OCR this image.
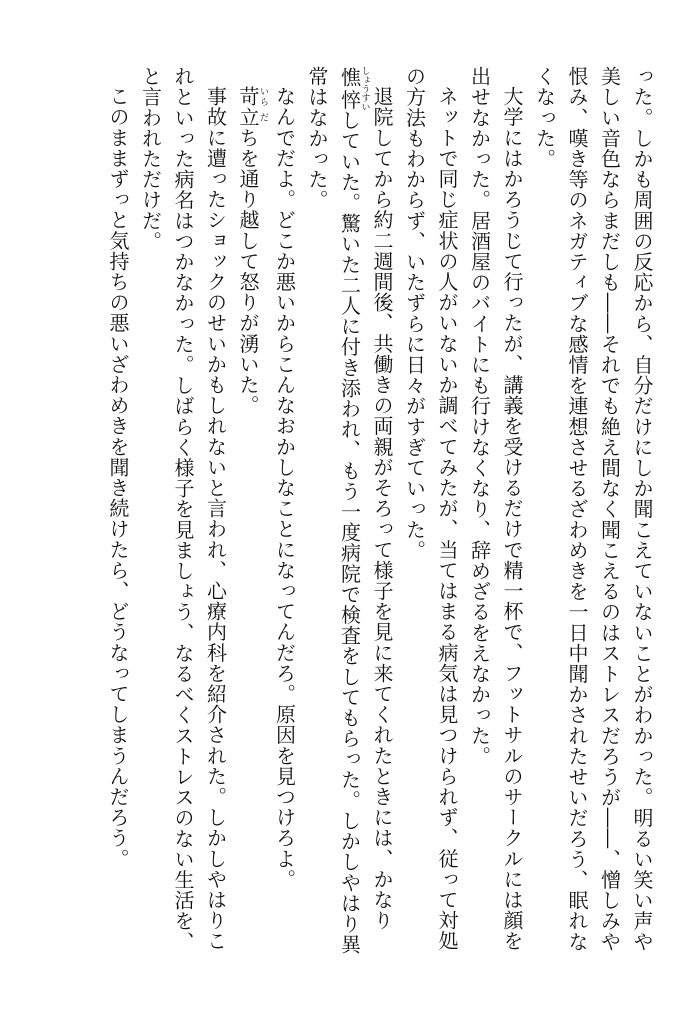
った。しかも周囲の反応から、自分だけにしか聞こえていないことがわかった。明るい笑い声や美しい音色ならまだしも――それでも絶え間なく聞こえるのはストレスだろうが――、憎しみや恨み、嘆き等のネガティブな感情を連想させるざわめきを一日中聞かされたせいだろう、眠れなくなった。

大学にはかろうじて行ったが、講義を受けるだけで精一杯で、フットサルのサークルには顔を出せなかった。居酒屋のバイトにも行けなくなり、辞めざるをえなかった。

ネットで同じ症状の人がいないか調べてみたが、当てはまる病気は見つけられず、従って対処の方法もわからず、いたずらに日々がすぎていった。

退院してから約二週間後、共働きの両親がそろって様子を見に来てくれたときには、かなり憔悴しょうすいしていた。驚いた二人に付き添われ、もう一度病院で検査をしてもらった。しかしやはり異常はなかった。

なんでだよ。どこか悪いからこんなおかしなことになってんだろ。原因を見つけろよ。

苛いら立だちを通り越して怒りが湧いた。

事故に遭ったショックのせいかもしれないと言われ、心療内科を紹介された。しかしやはりこれといった病名はつかなかった。しばらく様子を見ましょう、なるべくストレスのない生活を、と言われただけだ。

このままずっと気持ちの悪いざわめきを聞き続けたら、どうなってしまうんだろう。
